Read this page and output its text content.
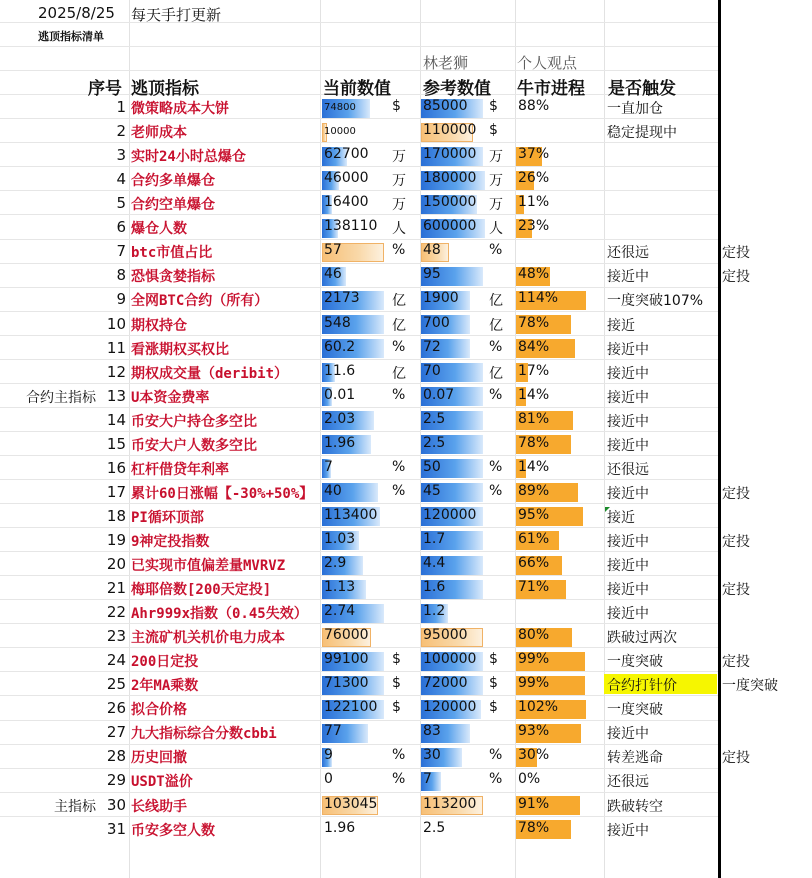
2025/8/25 每天手打更新
逃顶指标清单
林老狮	个人观点
序号 逃顶指标	当前数值 参考数值 牛市进程 是否触发
1 微策略成本大饼	74800	$ 85000 $ 88%	一直加仓
2 老师成本	10000	110000 $	稳定提现中
3 实时24小时总爆仓	62700 万 170000 万 37%
4 合约多单爆仓	46000 万 180000 万 26%
5 合约空单爆仓	16400 万 150000 万 11%
6 爆仓人数	138110 人 600000 人 23%
7 btc市值占比	57	% 48	%	还很远	定投
8 恐惧贪婪指标	46	95	48%	接近中	定投
9 全网BTC合约（所有）	2173 亿 1900 亿 114%	一度突破107%
10 期权持仓	548	亿 700	亿 78%	接近
11 看涨期权买权比	60.2	% 72	% 84%	接近中
12 期权成交量（deribit）	11.6	亿 70	亿 17%	接近中
合约主指标 13 U本资金费率	0.01	% 0.07 % 14%	接近中
14 币安大户持仓多空比	2.03	2.5	81%	接近中
15 币安大户人数多空比	1.96	2.5	78%	接近中
16 杠杆借贷年利率	7	% 50	% 14%	还很远
17 累计60日涨幅【-30%+50%】 40	% 45	% 89%	接近中	定投
18 PI循环顶部	113400	120000	95%	接近
19 9神定投指数	1.03	1.7	61%	接近中	定投
20 已实现市值偏差量MVRVZ	2.9	4.4	66%	接近中
21 梅耶倍数[200天定投]	1.13	1.6	71%	接近中	定投
22 Ahr999x指数（0.45失效）	2.74	1.2	接近中
23 主流矿机关机价电力成本	76000	95000	80%	跌破过两次
24 200日定投	99100 $ 100000 $ 99%	一度突破	定投
25 2年MA乘数	71300 $ 72000 $ 99%	合约打针价	一度突破
26 拟合价格	122100 $ 120000 $ 102%	一度突破
27 九大指标综合分数cbbi	77	83	93%	接近中
28 历史回撤	9	% 30	% 30%	转差逃命	定投
29 USDT溢价	0	% 7	% 0%	还很远
主指标 30 长线助手	103045	113200	91%	跌破转空
31 币安多空人数	1.96	2.5	78%	接近中
